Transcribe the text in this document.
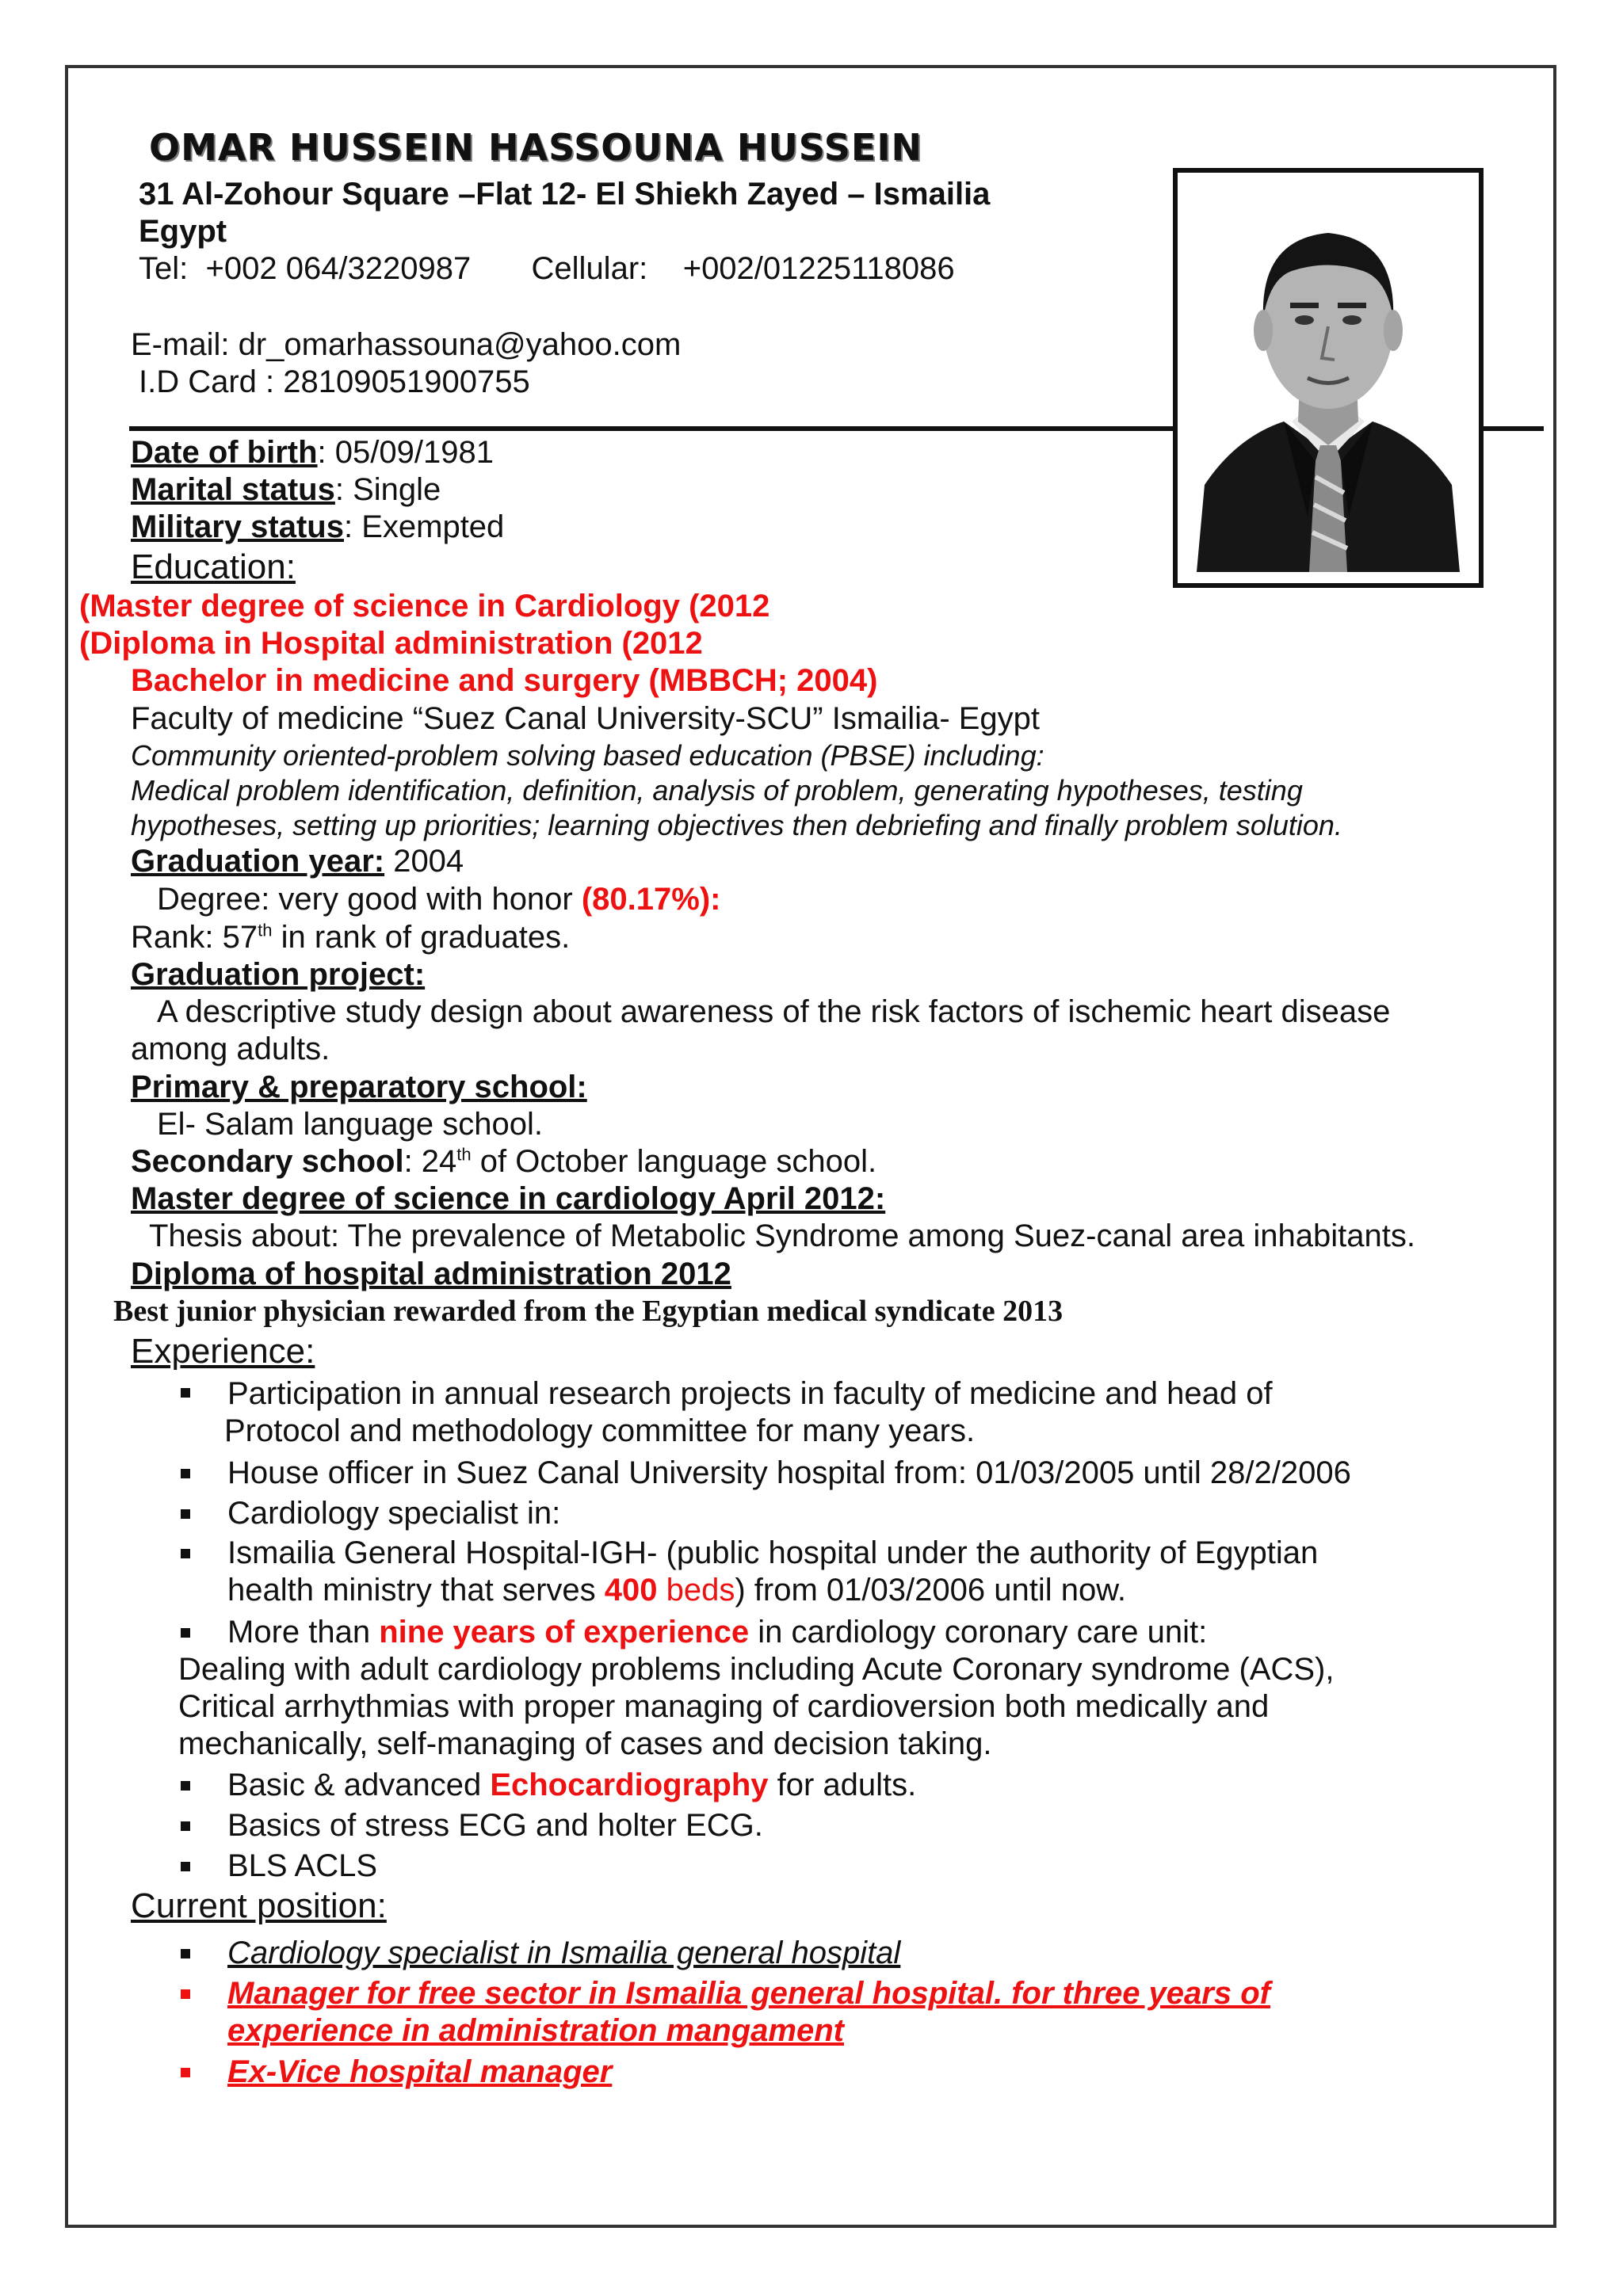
OMAR HUSSEIN HASSOUNA HUSSEIN
31 Al-Zohour Square –Flat 12- El Shiekh Zayed – Ismailia
Egypt
Tel: +002 064/3220987 Cellular: +002/01225118086
E-mail: dr_omarhassouna@yahoo.com
I.D Card : 28109051900755
Date of birth: 05/09/1981
Marital status: Single
Military status: Exempted
Education:
(Master degree of science in Cardiology (2012
(Diploma in Hospital administration (2012
Bachelor in medicine and surgery (MBBCH; 2004)
Faculty of medicine “Suez Canal University-SCU” Ismailia- Egypt
Community oriented-problem solving based education (PBSE) including:
Medical problem identification, definition, analysis of problem, generating hypotheses, testing
hypotheses, setting up priorities; learning objectives then debriefing and finally problem solution.
Graduation year: 2004
Degree: very good with honor (80.17%):
Rank: 57th in rank of graduates.
Graduation project:
A descriptive study design about awareness of the risk factors of ischemic heart disease
among adults.
Primary & preparatory school:
El- Salam language school.
Secondary school: 24th of October language school.
Master degree of science in cardiology April 2012:
Thesis about: The prevalence of Metabolic Syndrome among Suez-canal area inhabitants.
Diploma of hospital administration 2012
Best junior physician rewarded from the Egyptian medical syndicate 2013
Experience:
Participation in annual research projects in faculty of medicine and head of
Protocol and methodology committee for many years.
House officer in Suez Canal University hospital from: 01/03/2005 until 28/2/2006
Cardiology specialist in:
Ismailia General Hospital-IGH- (public hospital under the authority of Egyptian
health ministry that serves 400 beds) from 01/03/2006 until now.
More than nine years of experience in cardiology coronary care unit:
Dealing with adult cardiology problems including Acute Coronary syndrome (ACS),
Critical arrhythmias with proper managing of cardioversion both medically and
mechanically, self-managing of cases and decision taking.
Basic & advanced Echocardiography for adults.
Basics of stress ECG and holter ECG.
BLS ACLS
Current position:
Cardiology specialist in Ismailia general hospital
Manager for free sector in Ismailia general hospital. for three years of
experience in administration mangament
Ex-Vice hospital manager
